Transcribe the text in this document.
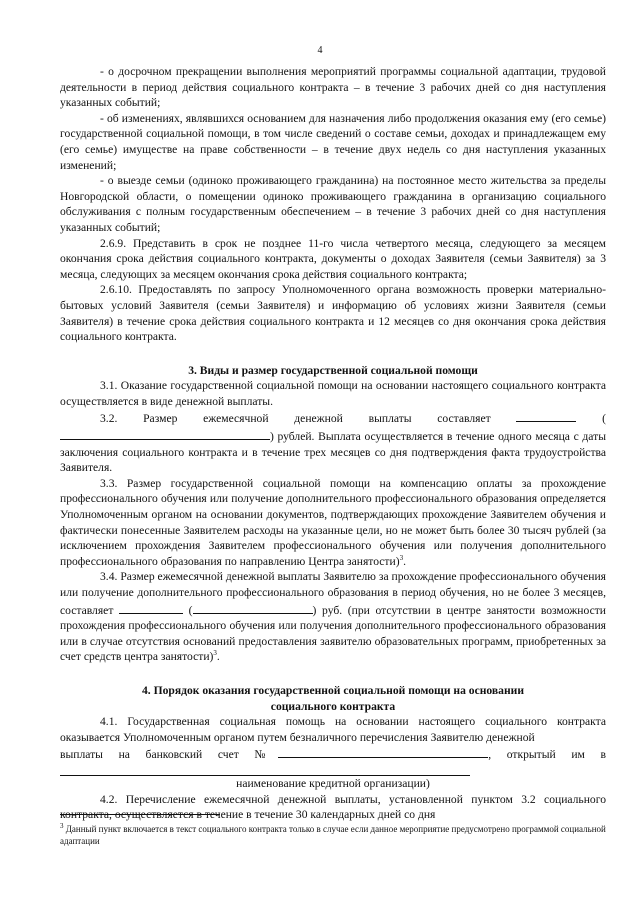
4

- о досрочном прекращении выполнения мероприятий программы социальной адаптации, трудовой деятельности в период действия социального контракта – в течение 3 рабочих дней со дня наступления указанных событий;

- об изменениях, являвшихся основанием для назначения либо продолжения оказания ему (его семье) государственной социальной помощи, в том числе сведений о составе семьи, доходах и принадлежащем ему (его семье) имуществе на праве собственности – в течение двух недель со дня наступления указанных изменений;

- о выезде семьи (одиноко проживающего гражданина) на постоянное место жительства за пределы Новгородской области, о помещении одиноко проживающего гражданина в организацию социального обслуживания с полным государственным обеспечением – в течение 3 рабочих дней со дня наступления указанных событий;

2.6.9. Представить в срок не позднее 11-го числа четвертого месяца, следующего за месяцем окончания срока действия социального контракта, документы о доходах Заявителя (семьи Заявителя) за 3 месяца, следующих за месяцем окончания срока действия социального контракта;

2.6.10. Предоставлять по запросу Уполномоченного органа возможность проверки материально-бытовых условий Заявителя (семьи Заявителя) и информацию об условиях жизни Заявителя (семьи Заявителя) в течение срока действия социального контракта и 12 месяцев со дня окончания срока действия социального контракта.

3. Виды и размер государственной социальной помощи

3.1. Оказание государственной социальной помощи на основании настоящего социального контракта осуществляется в виде денежной выплаты.

3.2. Размер ежемесячной денежной выплаты составляет	() рублей. Выплата осуществляется в течение одного месяца с даты заключения социального контракта и в течение трех месяцев со дня подтверждения факта трудоустройства Заявителя.

3.3. Размер государственной социальной помощи на компенсацию оплаты за прохождение профессионального обучения или получение дополнительного профессионального образования определяется Уполномоченным органом на основании документов, подтверждающих прохождение Заявителем обучения и фактически понесенные Заявителем расходы на указанные цели, но не может быть более 30 тысяч рублей (за исключением прохождения Заявителем профессионального обучения или получения дополнительного профессионального образования по направлению Центра занятости)$^3$.

3.4. Размер ежемесячной денежной выплаты Заявителю за прохождение профессионального обучения или получение дополнительного профессионального образования в период обучения, но не более 3 месяцев, составляет	(	) руб. (при отсутствии в центре занятости возможности прохождения профессионального обучения или получения дополнительного профессионального образования или в случае отсутствия оснований предоставления заявителю образовательных программ, приобретенных за счет средств центра занятости)$^3$.

4. Порядок оказания государственной социальной помощи на основании
социального контракта

4.1. Государственная социальная помощь на основании настоящего социального контракта оказывается Уполномоченным органом путем безналичного перечисления Заявителю денежной

выплаты на банковский счет №	, открытый им в

наименование кредитной организации)

4.2. Перечисление ежемесячной денежной выплаты, установленной пунктом 3.2 социального контракта, осуществляется в течение в течение 30 календарных дней со дня

$^3$ Данный пункт включается в текст социального контракта только в случае если данное мероприятие предусмотрено программой социальной адаптации
